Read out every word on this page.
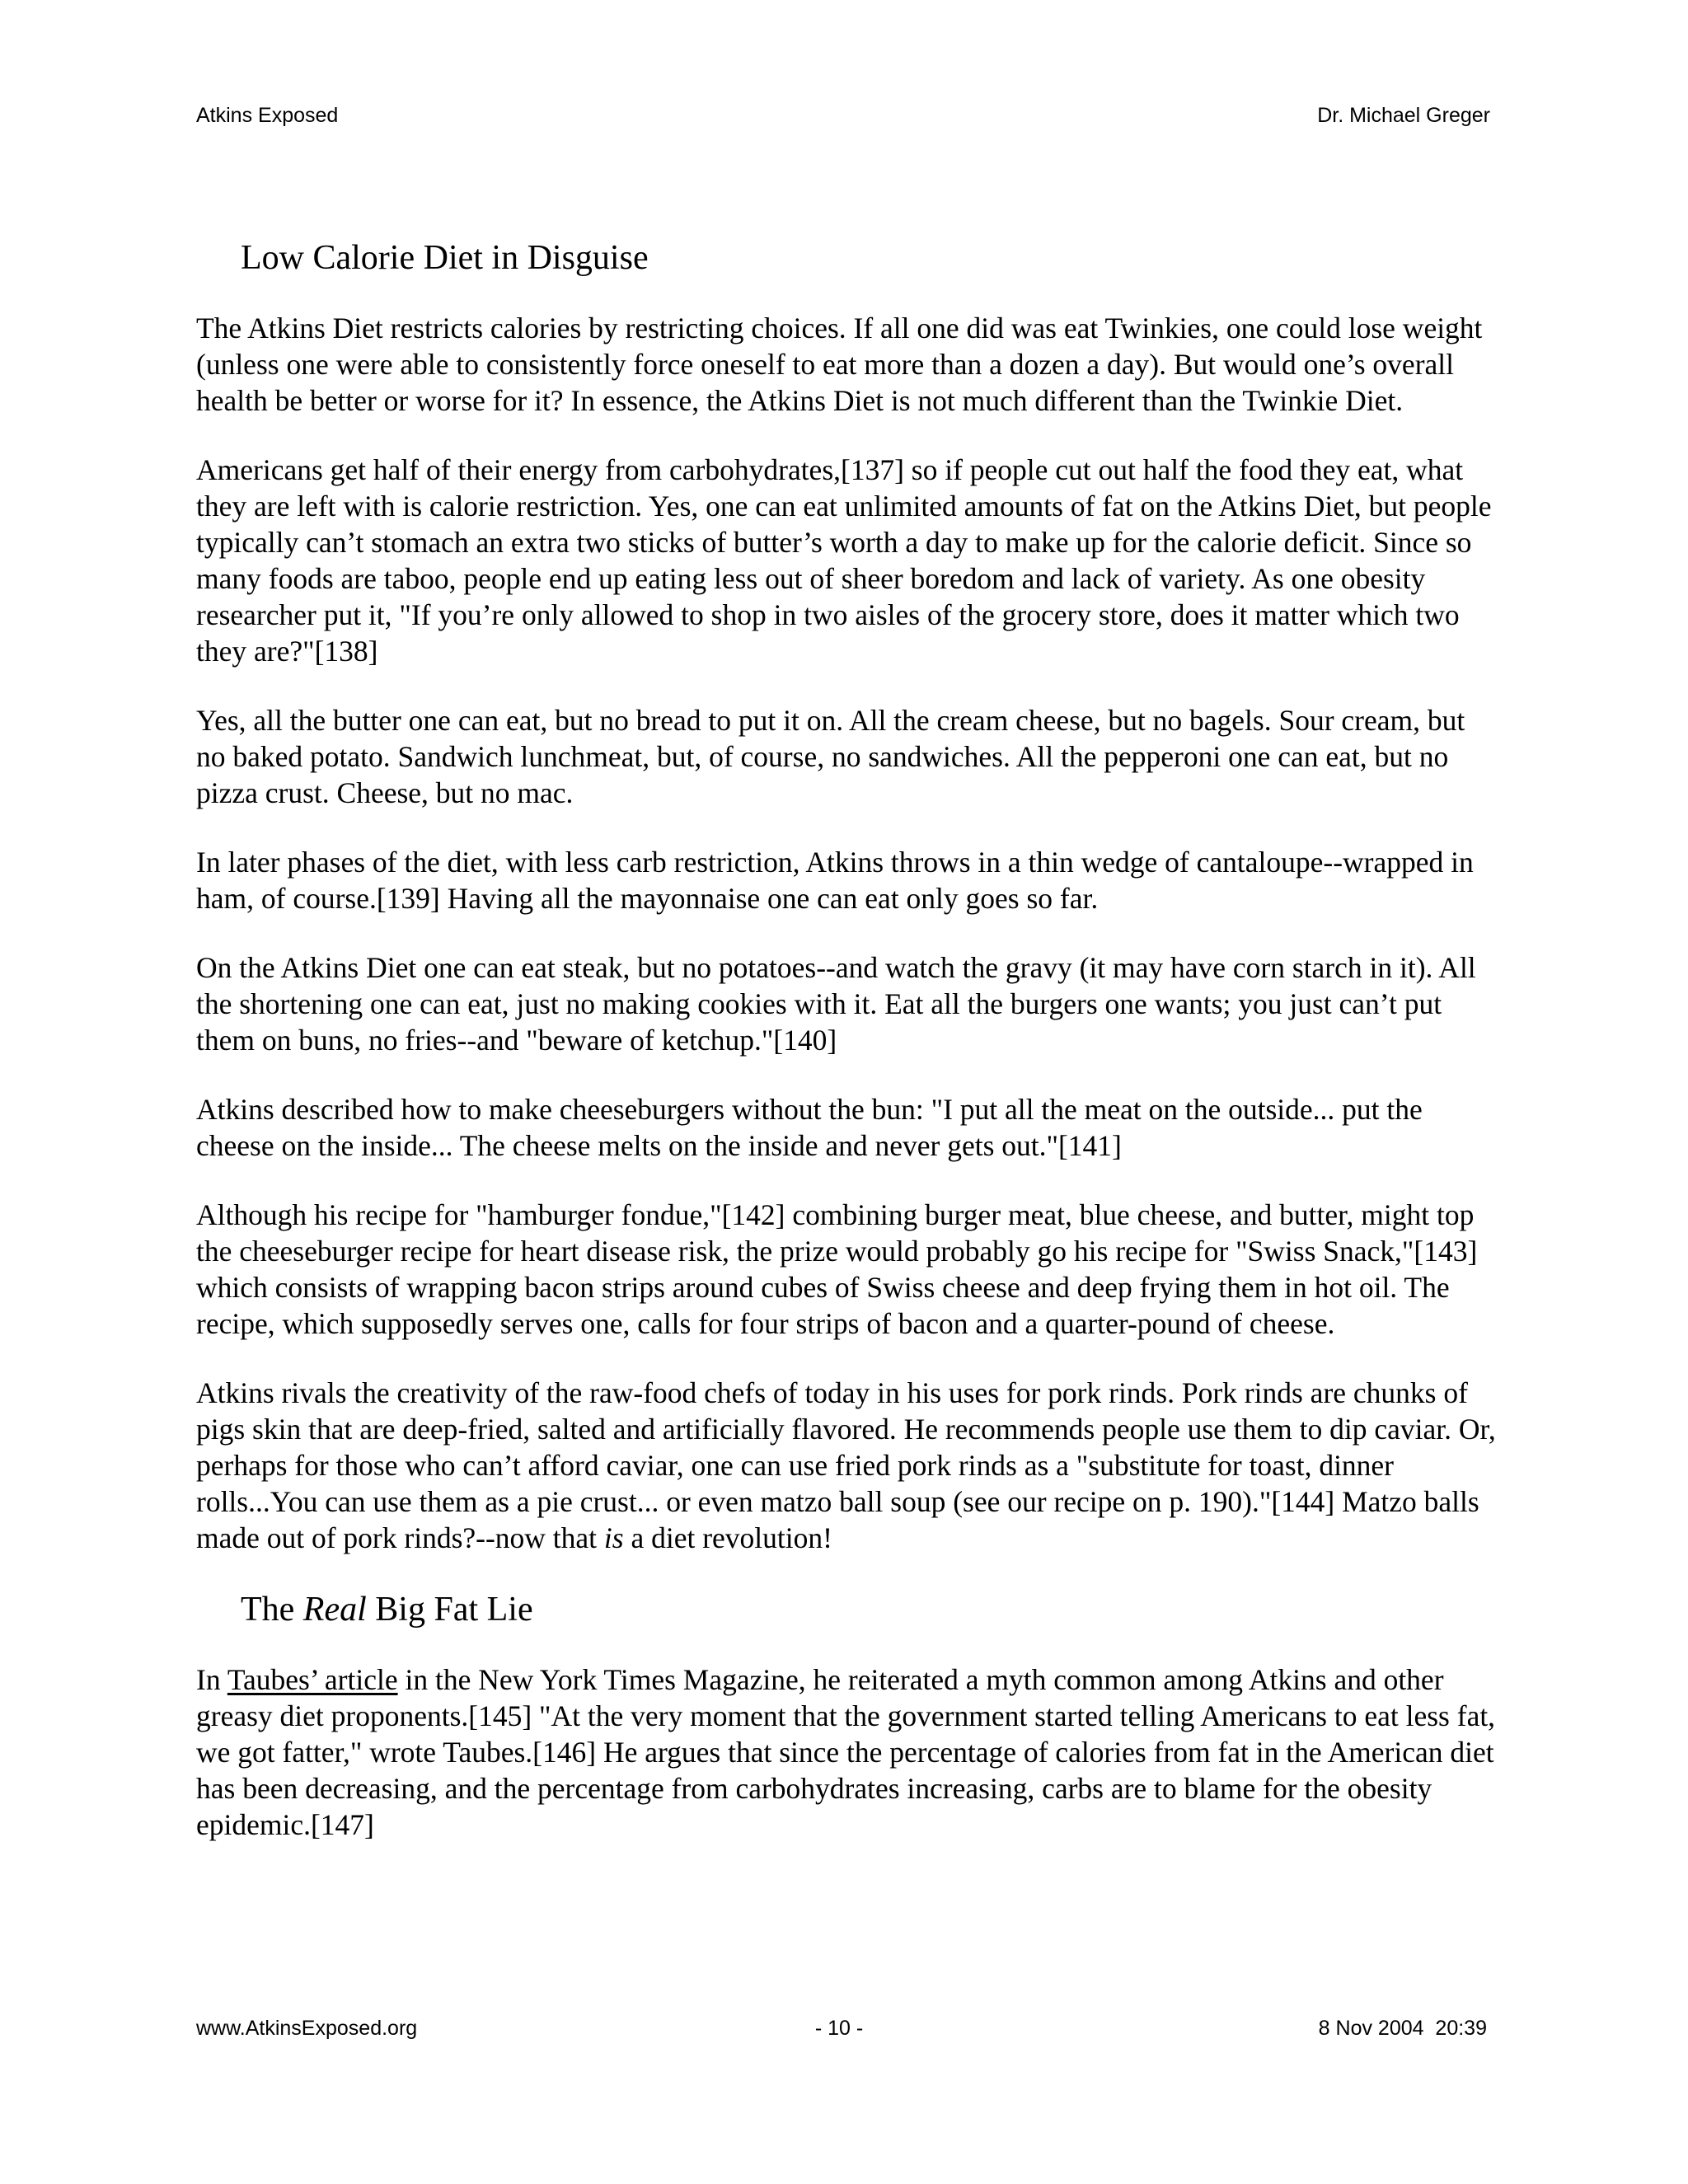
Atkins Exposed	Dr. Michael Greger
Low Calorie Diet in Disguise

The Atkins Diet restricts calories by restricting choices. If all one did was eat Twinkies, one could lose weight (unless one were able to consistently force oneself to eat more than a dozen a day). But would one’s overall health be better or worse for it? In essence, the Atkins Diet is not much different than the Twinkie Diet.

Americans get half of their energy from carbohydrates,[137] so if people cut out half the food they eat, what they are left with is calorie restriction. Yes, one can eat unlimited amounts of fat on the Atkins Diet, but people typically can’t stomach an extra two sticks of butter’s worth a day to make up for the calorie deficit. Since so many foods are taboo, people end up eating less out of sheer boredom and lack of variety. As one obesity researcher put it, "If you’re only allowed to shop in two aisles of the grocery store, does it matter which two they are?"[138]

Yes, all the butter one can eat, but no bread to put it on. All the cream cheese, but no bagels. Sour cream, but no baked potato. Sandwich lunchmeat, but, of course, no sandwiches. All the pepperoni one can eat, but no pizza crust. Cheese, but no mac.

In later phases of the diet, with less carb restriction, Atkins throws in a thin wedge of cantaloupe--wrapped in ham, of course.[139] Having all the mayonnaise one can eat only goes so far.

On the Atkins Diet one can eat steak, but no potatoes--and watch the gravy (it may have corn starch in it). All the shortening one can eat, just no making cookies with it. Eat all the burgers one wants; you just can’t put them on buns, no fries--and "beware of ketchup."[140]

Atkins described how to make cheeseburgers without the bun: "I put all the meat on the outside... put the cheese on the inside... The cheese melts on the inside and never gets out."[141]

Although his recipe for "hamburger fondue,"[142] combining burger meat, blue cheese, and butter, might top the cheeseburger recipe for heart disease risk, the prize would probably go his recipe for "Swiss Snack,"[143] which consists of wrapping bacon strips around cubes of Swiss cheese and deep frying them in hot oil. The recipe, which supposedly serves one, calls for four strips of bacon and a quarter-pound of cheese.

Atkins rivals the creativity of the raw-food chefs of today in his uses for pork rinds. Pork rinds are chunks of pigs skin that are deep-fried, salted and artificially flavored. He recommends people use them to dip caviar. Or, perhaps for those who can’t afford caviar, one can use fried pork rinds as a "substitute for toast, dinner rolls...You can use them as a pie crust... or even matzo ball soup (see our recipe on p. 190)."[144] Matzo balls made out of pork rinds?--now that is a diet revolution!

The Real Big Fat Lie

In Taubes’ article in the New York Times Magazine, he reiterated a myth common among Atkins and other greasy diet proponents.[145] "At the very moment that the government started telling Americans to eat less fat, we got fatter," wrote Taubes.[146] He argues that since the percentage of calories from fat in the American diet has been decreasing, and the percentage from carbohydrates increasing, carbs are to blame for the obesity epidemic.[147]

www.AtkinsExposed.org	- 10 -	8 Nov 2004  20:39
